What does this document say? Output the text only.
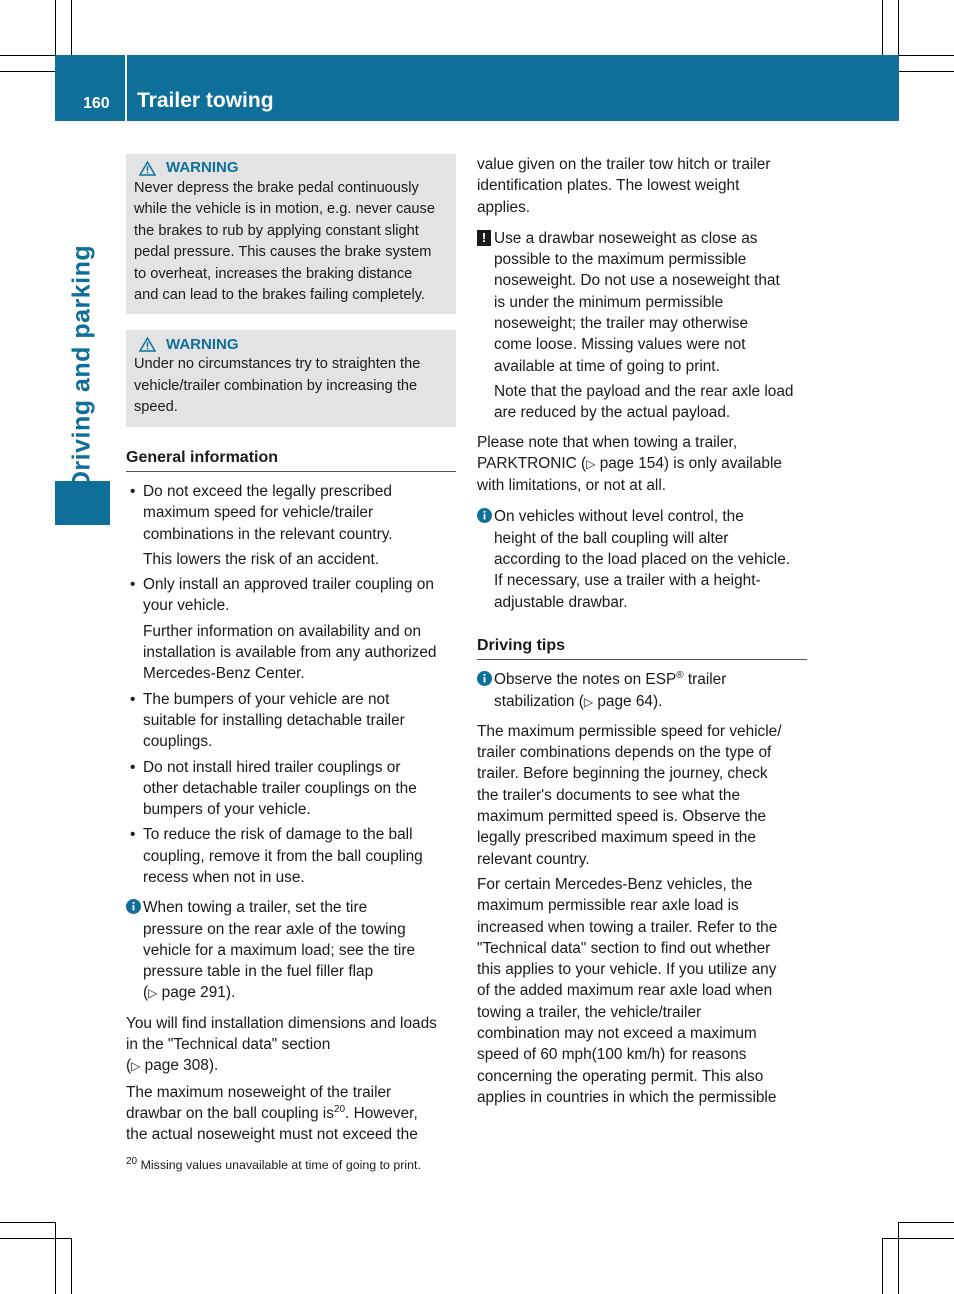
160 Trailer towing
Driving and parking
WARNING
Never depress the brake pedal continuously
while the vehicle is in motion, e.g. never cause
the brakes to rub by applying constant slight
pedal pressure. This causes the brake system
to overheat, increases the braking distance
and can lead to the brakes failing completely.
WARNING
Under no circumstances try to straighten the
vehicle/trailer combination by increasing the
speed.
General information
• Do not exceed the legally prescribed
maximum speed for vehicle/trailer
combinations in the relevant country.
This lowers the risk of an accident.
• Only install an approved trailer coupling on
your vehicle.
Further information on availability and on
installation is available from any authorized
Mercedes-Benz Center.
• The bumpers of your vehicle are not
suitable for installing detachable trailer
couplings.
• Do not install hired trailer couplings or
other detachable trailer couplings on the
bumpers of your vehicle.
• To reduce the risk of damage to the ball
coupling, remove it from the ball coupling
recess when not in use.
When towing a trailer, set the tire
pressure on the rear axle of the towing
vehicle for a maximum load; see the tire
pressure table in the fuel filler flap
(▷ page 291).

You will find installation dimensions and loads
in the "Technical data" section
(▷ page 308).

The maximum noseweight of the trailer
drawbar on the ball coupling $is^{20}$. However,
the actual noseweight must not exceed the

value given on the trailer tow hitch or trailer
identification plates. The lowest weight
applies.

! Use a drawbar noseweight as close as
possible to the maximum permissible
noseweight. Do not use a noseweight that
is under the minimum permissible
noseweight; the trailer may otherwise
come loose. Missing values were not
available at time of going to print.
Note that the payload and the rear axle load
are reduced by the actual payload.

Please note that when towing a trailer,
PARKTRONIC (▷ page 154) is only available
with limitations, or not at all.

On vehicles without level control, the
height of the ball coupling will alter
according to the load placed on the vehicle.
If necessary, use a trailer with a height-
adjustable drawbar.
Driving tips
Observe the notes on ESP® trailer
stabilization (▷ page 64).

The maximum permissible speed for vehicle/
trailer combinations depends on the type of
trailer. Before beginning the journey, check
the trailer's documents to see what the
maximum permitted speed is. Observe the
legally prescribed maximum speed in the
relevant country.

For certain Mercedes-Benz vehicles, the
maximum permissible rear axle load is
increased when towing a trailer. Refer to the
"Technical data" section to find out whether
this applies to your vehicle. If you utilize any
of the added maximum rear axle load when
towing a trailer, the vehicle/trailer
combination may not exceed a maximum
speed of 60 mph(100 km/h) for reasons
concerning the operating permit. This also
applies in countries in which the permissible

$^{20}$ Missing values unavailable at time of going to print.
